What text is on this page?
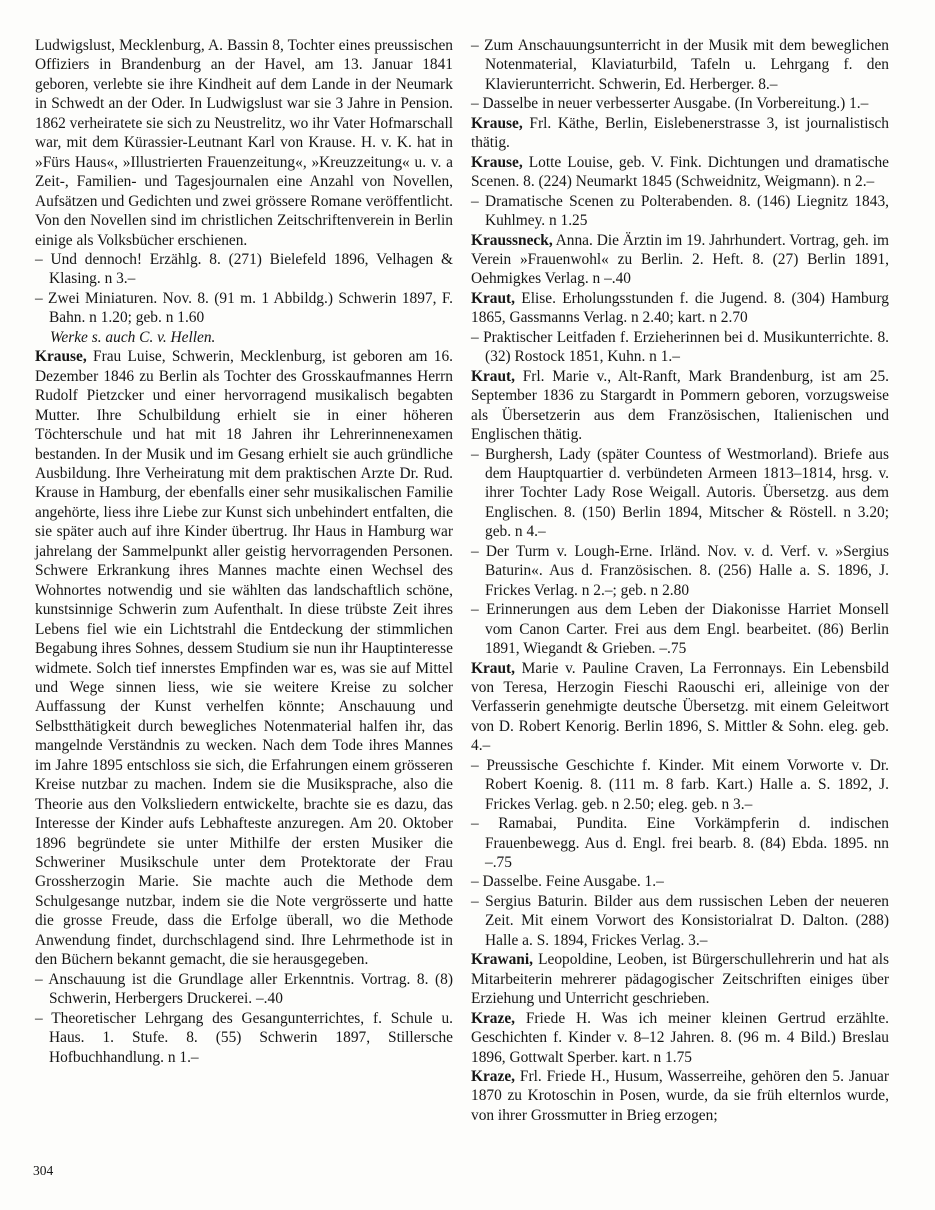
Ludwigslust, Mecklenburg, A. Bassin 8, Tochter eines preussischen Offiziers in Brandenburg an der Havel, am 13. Januar 1841 geboren, verlebte sie ihre Kindheit auf dem Lande in der Neumark in Schwedt an der Oder. In Ludwigslust war sie 3 Jahre in Pension. 1862 verheiratete sie sich zu Neustrelitz, wo ihr Vater Hofmarschall war, mit dem Kürassier-Leutnant Karl von Krause. H. v. K. hat in »Fürs Haus«, »Illustrierten Frauenzeitung«, »Kreuzzeitung« u. v. a Zeit-, Familien- und Tagesjournalen eine Anzahl von Novellen, Aufsätzen und Gedichten und zwei grössere Romane veröffentlicht. Von den Novellen sind im christlichen Zeitschriftenverein in Berlin einige als Volksbücher erschienen.

– Und dennoch! Erzählg. 8. (271) Bielefeld 1896, Velhagen & Klasing. n 3.–

– Zwei Miniaturen. Nov. 8. (91 m. 1 Abbildg.) Schwerin 1897, F. Bahn. n 1.20; geb. n 1.60

Werke s. auch C. v. Hellen.

Krause, Frau Luise, Schwerin, Mecklenburg, ist geboren am 16. Dezember 1846 zu Berlin als Tochter des Grosskaufmannes Herrn Rudolf Pietzcker und einer hervorragend musikalisch begabten Mutter. Ihre Schulbildung erhielt sie in einer höheren Töchterschule und hat mit 18 Jahren ihr Lehrerinnenexamen bestanden. In der Musik und im Gesang erhielt sie auch gründliche Ausbildung. Ihre Verheiratung mit dem praktischen Arzte Dr. Rud. Krause in Hamburg, der ebenfalls einer sehr musikalischen Familie angehörte, liess ihre Liebe zur Kunst sich unbehindert entfalten, die sie später auch auf ihre Kinder übertrug. Ihr Haus in Hamburg war jahrelang der Sammelpunkt aller geistig hervorragenden Personen. Schwere Erkrankung ihres Mannes machte einen Wechsel des Wohnortes notwendig und sie wählten das landschaftlich schöne, kunstsinnige Schwerin zum Aufenthalt. In diese trübste Zeit ihres Lebens fiel wie ein Lichtstrahl die Entdeckung der stimmlichen Begabung ihres Sohnes, dessem Studium sie nun ihr Hauptinteresse widmete. Solch tief innerstes Empfinden war es, was sie auf Mittel und Wege sinnen liess, wie sie weitere Kreise zu solcher Auffassung der Kunst verhelfen könnte; Anschauung und Selbstthätigkeit durch bewegliches Notenmaterial halfen ihr, das mangelnde Verständnis zu wecken. Nach dem Tode ihres Mannes im Jahre 1895 entschloss sie sich, die Erfahrungen einem grösseren Kreise nutzbar zu machen. Indem sie die Musiksprache, also die Theorie aus den Volksliedern entwickelte, brachte sie es dazu, das Interesse der Kinder aufs Lebhafteste anzuregen. Am 20. Oktober 1896 begründete sie unter Mithilfe der ersten Musiker die Schweriner Musikschule unter dem Protektorate der Frau Grossherzogin Marie. Sie machte auch die Methode dem Schulgesange nutzbar, indem sie die Note vergrösserte und hatte die grosse Freude, dass die Erfolge überall, wo die Methode Anwendung findet, durchschlagend sind. Ihre Lehrmethode ist in den Büchern bekannt gemacht, die sie herausgegeben.

– Anschauung ist die Grundlage aller Erkenntnis. Vortrag. 8. (8) Schwerin, Herbergers Druckerei. –.40

– Theoretischer Lehrgang des Gesangunterrichtes, f. Schule u. Haus. 1. Stufe. 8. (55) Schwerin 1897, Stillersche Hofbuchhandlung. n 1.–

– Zum Anschauungsunterricht in der Musik mit dem beweglichen Notenmaterial, Klaviaturbild, Tafeln u. Lehrgang f. den Klavierunterricht. Schwerin, Ed. Herberger. 8.–

– Dasselbe in neuer verbesserter Ausgabe. (In Vorbereitung.) 1.–

Krause, Frl. Käthe, Berlin, Eislebenerstrasse 3, ist journalistisch thätig.

Krause, Lotte Louise, geb. V. Fink. Dichtungen und dramatische Scenen. 8. (224) Neumarkt 1845 (Schweidnitz, Weigmann). n 2.–

– Dramatische Scenen zu Polterabenden. 8. (146) Liegnitz 1843, Kuhlmey. n 1.25

Kraussneck, Anna. Die Ärztin im 19. Jahrhundert. Vortrag, geh. im Verein »Frauenwohl« zu Berlin. 2. Heft. 8. (27) Berlin 1891, Oehmigkes Verlag. n –.40

Kraut, Elise. Erholungsstunden f. die Jugend. 8. (304) Hamburg 1865, Gassmanns Verlag. n 2.40; kart. n 2.70

– Praktischer Leitfaden f. Erzieherinnen bei d. Musikunterrichte. 8. (32) Rostock 1851, Kuhn. n 1.–

Kraut, Frl. Marie v., Alt-Ranft, Mark Brandenburg, ist am 25. September 1836 zu Stargardt in Pommern geboren, vorzugsweise als Übersetzerin aus dem Französischen, Italienischen und Englischen thätig.

– Burghersh, Lady (später Countess of Westmorland). Briefe aus dem Hauptquartier d. verbündeten Armeen 1813–1814, hrsg. v. ihrer Tochter Lady Rose Weigall. Autoris. Übersetzg. aus dem Englischen. 8. (150) Berlin 1894, Mitscher & Röstell. n 3.20; geb. n 4.–

– Der Turm v. Lough-Erne. Irländ. Nov. v. d. Verf. v. »Sergius Baturin«. Aus d. Französischen. 8. (256) Halle a. S. 1896, J. Frickes Verlag. n 2.–; geb. n 2.80

– Erinnerungen aus dem Leben der Diakonisse Harriet Monsell vom Canon Carter. Frei aus dem Engl. bearbeitet. (86) Berlin 1891, Wiegandt & Grieben. –.75

Kraut, Marie v. Pauline Craven, La Ferronnays. Ein Lebensbild von Teresa, Herzogin Fieschi Raouschi eri, alleinige von der Verfasserin genehmigte deutsche Übersetzg. mit einem Geleitwort von D. Robert Kenorig. Berlin 1896, S. Mittler & Sohn. eleg. geb. 4.–

– Preussische Geschichte f. Kinder. Mit einem Vorworte v. Dr. Robert Koenig. 8. (111 m. 8 farb. Kart.) Halle a. S. 1892, J. Frickes Verlag. geb. n 2.50; eleg. geb. n 3.–

– Ramabai, Pundita. Eine Vorkämpferin d. indischen Frauenbewegg. Aus d. Engl. frei bearb. 8. (84) Ebda. 1895. nn –.75

– Dasselbe. Feine Ausgabe. 1.–

– Sergius Baturin. Bilder aus dem russischen Leben der neueren Zeit. Mit einem Vorwort des Konsistorialrat D. Dalton. (288) Halle a. S. 1894, Frickes Verlag. 3.–

Krawani, Leopoldine, Leoben, ist Bürgerschullehrerin und hat als Mitarbeiterin mehrerer pädagogischer Zeitschriften einiges über Erziehung und Unterricht geschrieben.

Kraze, Friede H. Was ich meiner kleinen Gertrud erzählte. Geschichten f. Kinder v. 8–12 Jahren. 8. (96 m. 4 Bild.) Breslau 1896, Gottwalt Sperber. kart. n 1.75

Kraze, Frl. Friede H., Husum, Wasserreihe, gehören den 5. Januar 1870 zu Krotoschin in Posen, wurde, da sie früh elternlos wurde, von ihrer Grossmutter in Brieg erzogen;

304
